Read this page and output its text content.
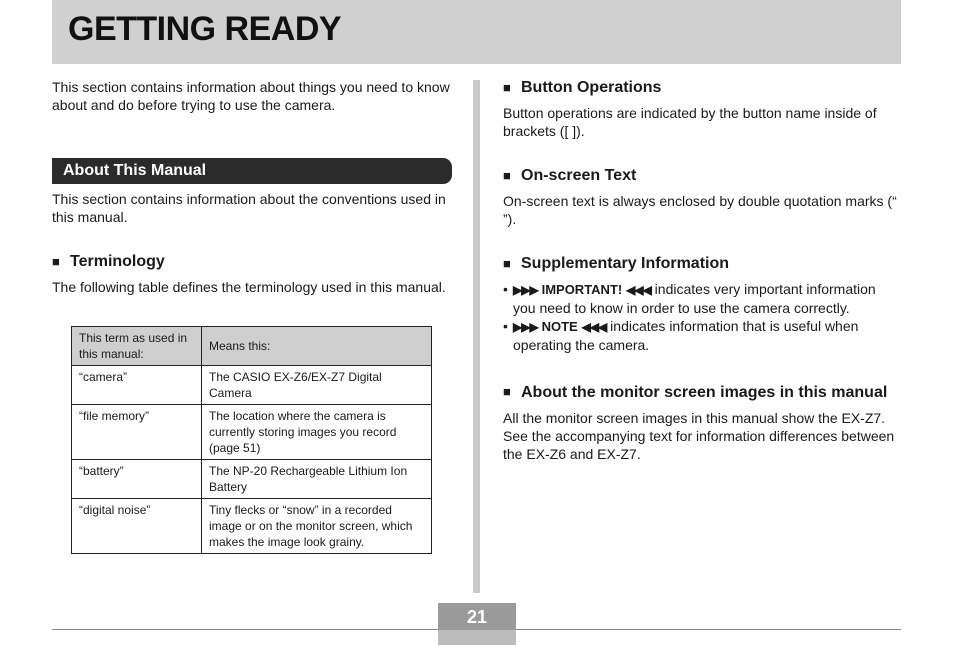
GETTING READY

This section contains information about things you need to know about and do before trying to use the camera.

About This Manual

This section contains information about the conventions used in this manual.

■ Terminology

The following table defines the terminology used in this manual.

This term as used in this manual:	Means this:
“camera”	The CASIO EX-Z6/EX-Z7 Digital Camera
“file memory”	The location where the camera is currently storing images you record (page 51)
“battery”	The NP-20 Rechargeable Lithium Ion Battery
“digital noise”	Tiny flecks or “snow” in a recorded image or on the monitor screen, which makes the image look grainy.
■ Button Operations

Button operations are indicated by the button name inside of brackets ([ ]).

■ On-screen Text

On-screen text is always enclosed by double quotation marks (“ ”).

■ Supplementary Information
• ▶▶▶ IMPORTANT! ◀◀◀ indicates very important information you need to know in order to use the camera correctly.
• ▶▶▶ NOTE ◀◀◀ indicates information that is useful when operating the camera.
■ About the monitor screen images in this manual

All the monitor screen images in this manual show the EX-Z7. See the accompanying text for information differences between the EX-Z6 and EX-Z7.

21
